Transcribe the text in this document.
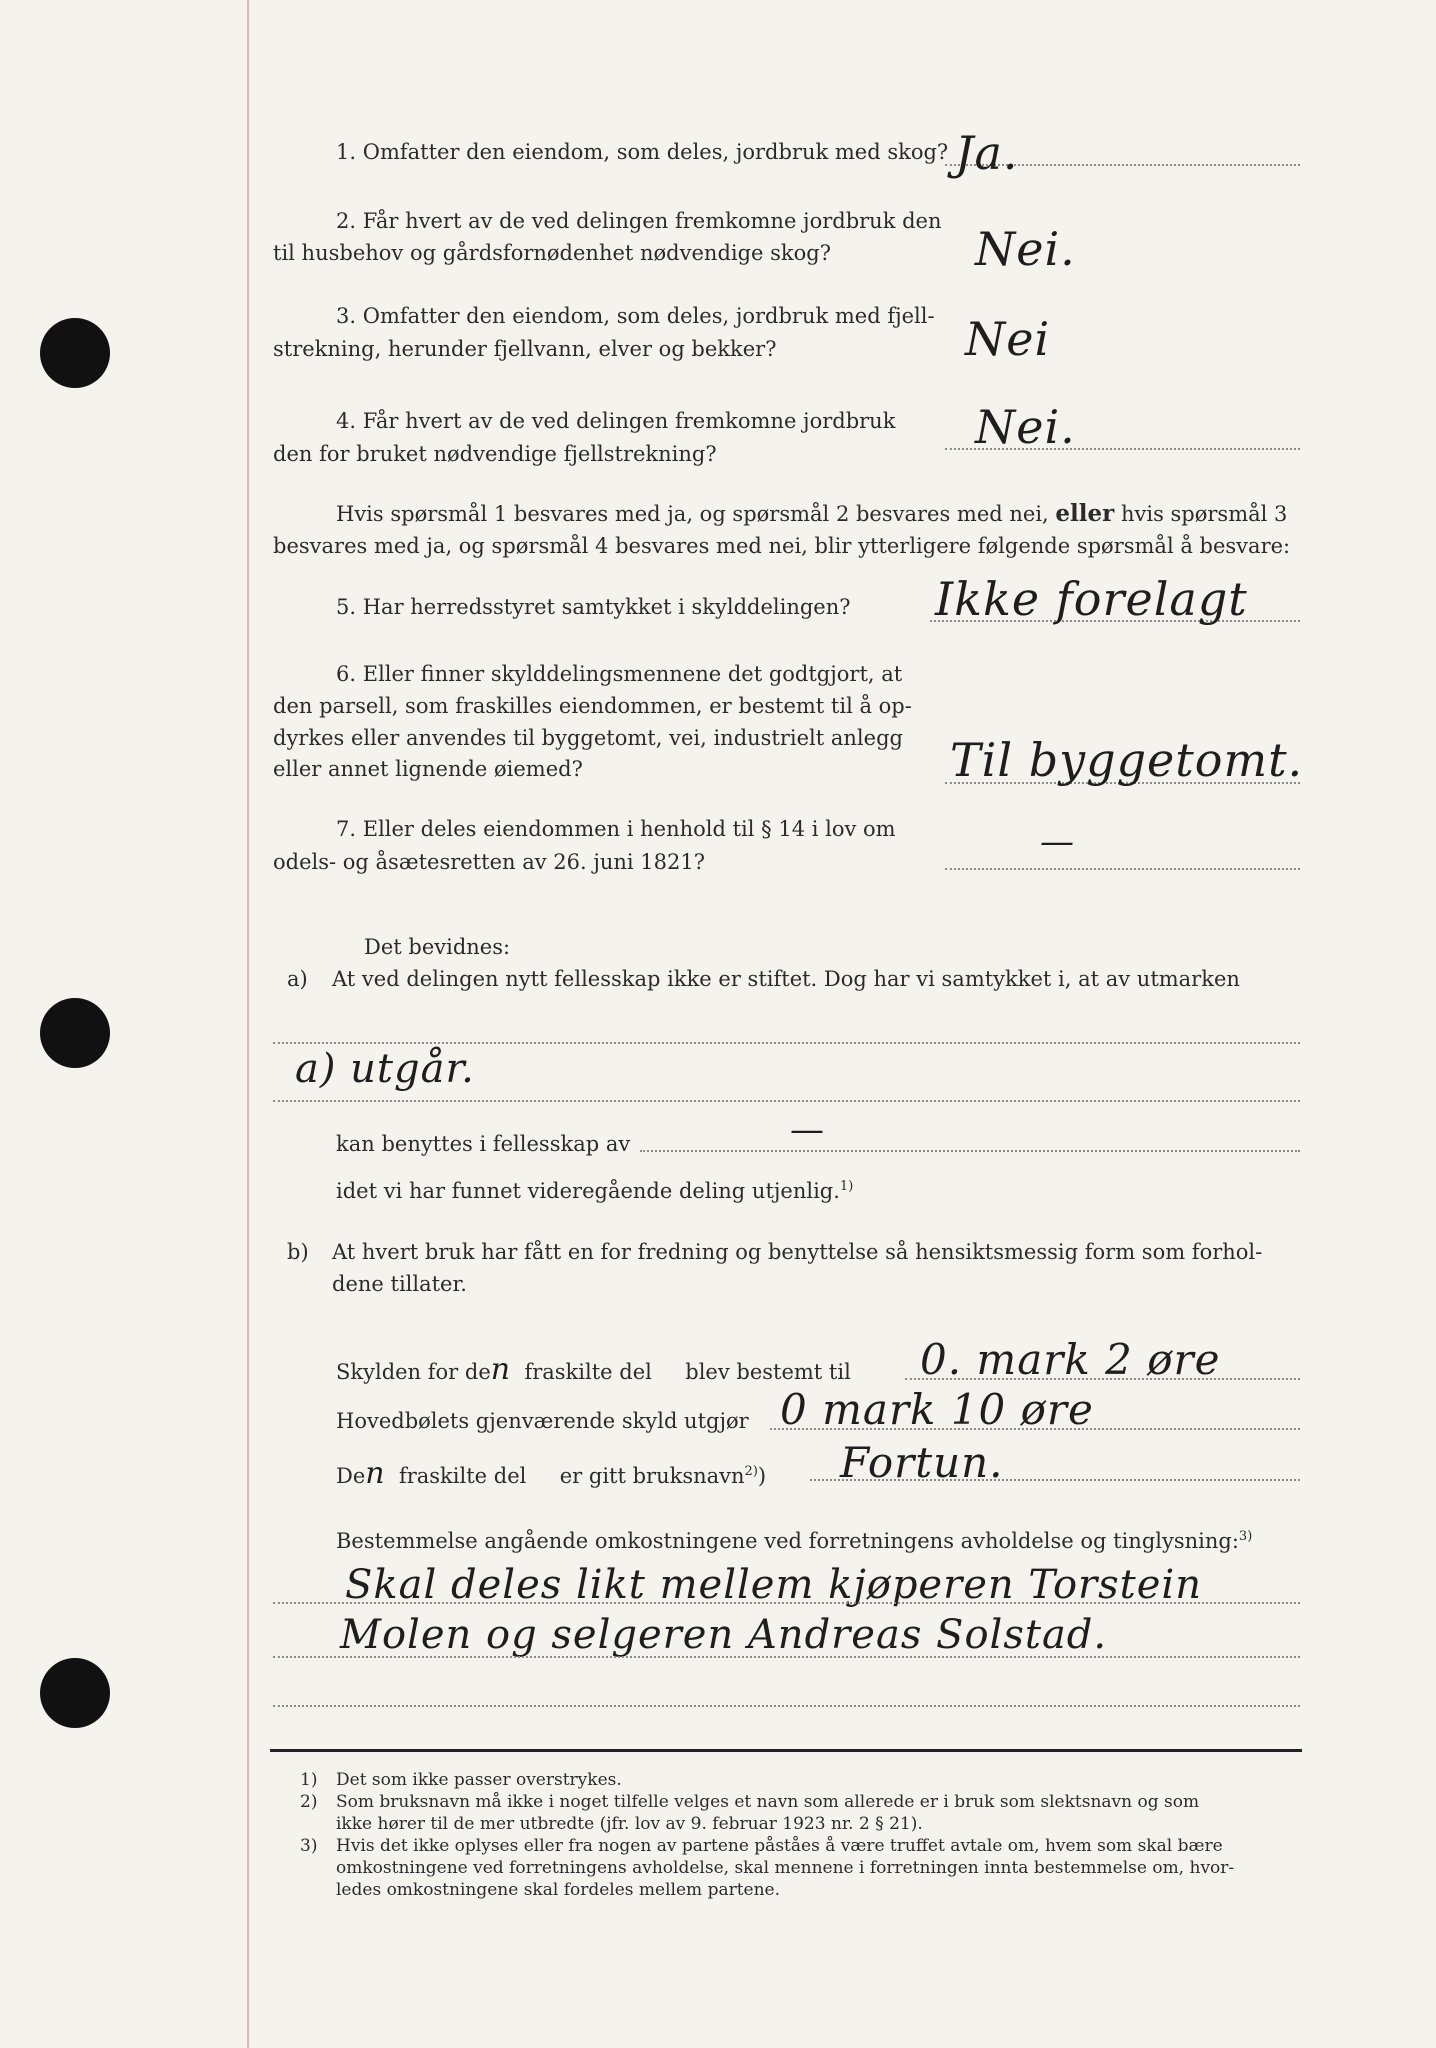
1. Omfatter den eiendom, som deles, jordbruk med skog? Ja.
2. Får hvert av de ved delingen fremkomne jordbruk den
til husbehov og gårdsfornødenhet nødvendige skog?	Nei.
3. Omfatter den eiendom, som deles, jordbruk med fjell-
strekning, herunder fjellvann, elver og bekker?	Nei
4. Får hvert av de ved delingen fremkomne jordbruk
den for bruket nødvendige fjellstrekning?	Nei.
Hvis spørsmål 1 besvares med ja, og spørsmål 2 besvares med nei, eller hvis spørsmål 3
besvares med ja, og spørsmål 4 besvares med nei, blir ytterligere følgende spørsmål å besvare:
5. Har herredsstyret samtykket i skylddelingen? Ikke forelagt
6. Eller finner skylddelingsmennene det godtgjort, at
den parsell, som fraskilles eiendommen, er bestemt til å op-
dyrkes eller anvendes til byggetomt, vei, industrielt anlegg
eller annet lignende øiemed?	Til byggetomt.
7. Eller deles eiendommen i henhold til § 14 i lov om
odels- og åsætesretten av 26. juni 1821?	—
Det bevidnes:
a) At ved delingen nytt fellesskap ikke er stiftet. Dog har vi samtykket i, at av utmarken
a) utgår.
kan benyttes i fellesskap av	—
idet vi har funnet videregående deling utjenlig.$^{1)}$
b) At hvert bruk har fått en for fredning og benyttelse så hensiktsmessig form som forhol-
dene tillater.
Skylden for den fraskilte del blev bestemt til 0. mark 2 øre
Hovedbølets gjenværende skyld utgjør 0 mark 10 øre
Den fraskilte del er gitt bruksnavn$^{2)}$) Fortun.
Bestemmelse angående omkostningene ved forretningens avholdelse og tinglysning:$^{3)}$
Skal deles likt mellem kjøperen Torstein
Molen og selgeren Andreas Solstad.
1) Det som ikke passer overstrykes.
2) Som bruksnavn må ikke i noget tilfelle velges et navn som allerede er i bruk som slektsnavn og som
ikke hører til de mer utbredte (jfr. lov av 9. februar 1923 nr. 2 § 21).
3) Hvis det ikke oplyses eller fra nogen av partene påståes å være truffet avtale om, hvem som skal bære
omkostningene ved forretningens avholdelse, skal mennene i forretningen innta bestemmelse om, hvor-
ledes omkostningene skal fordeles mellem partene.
